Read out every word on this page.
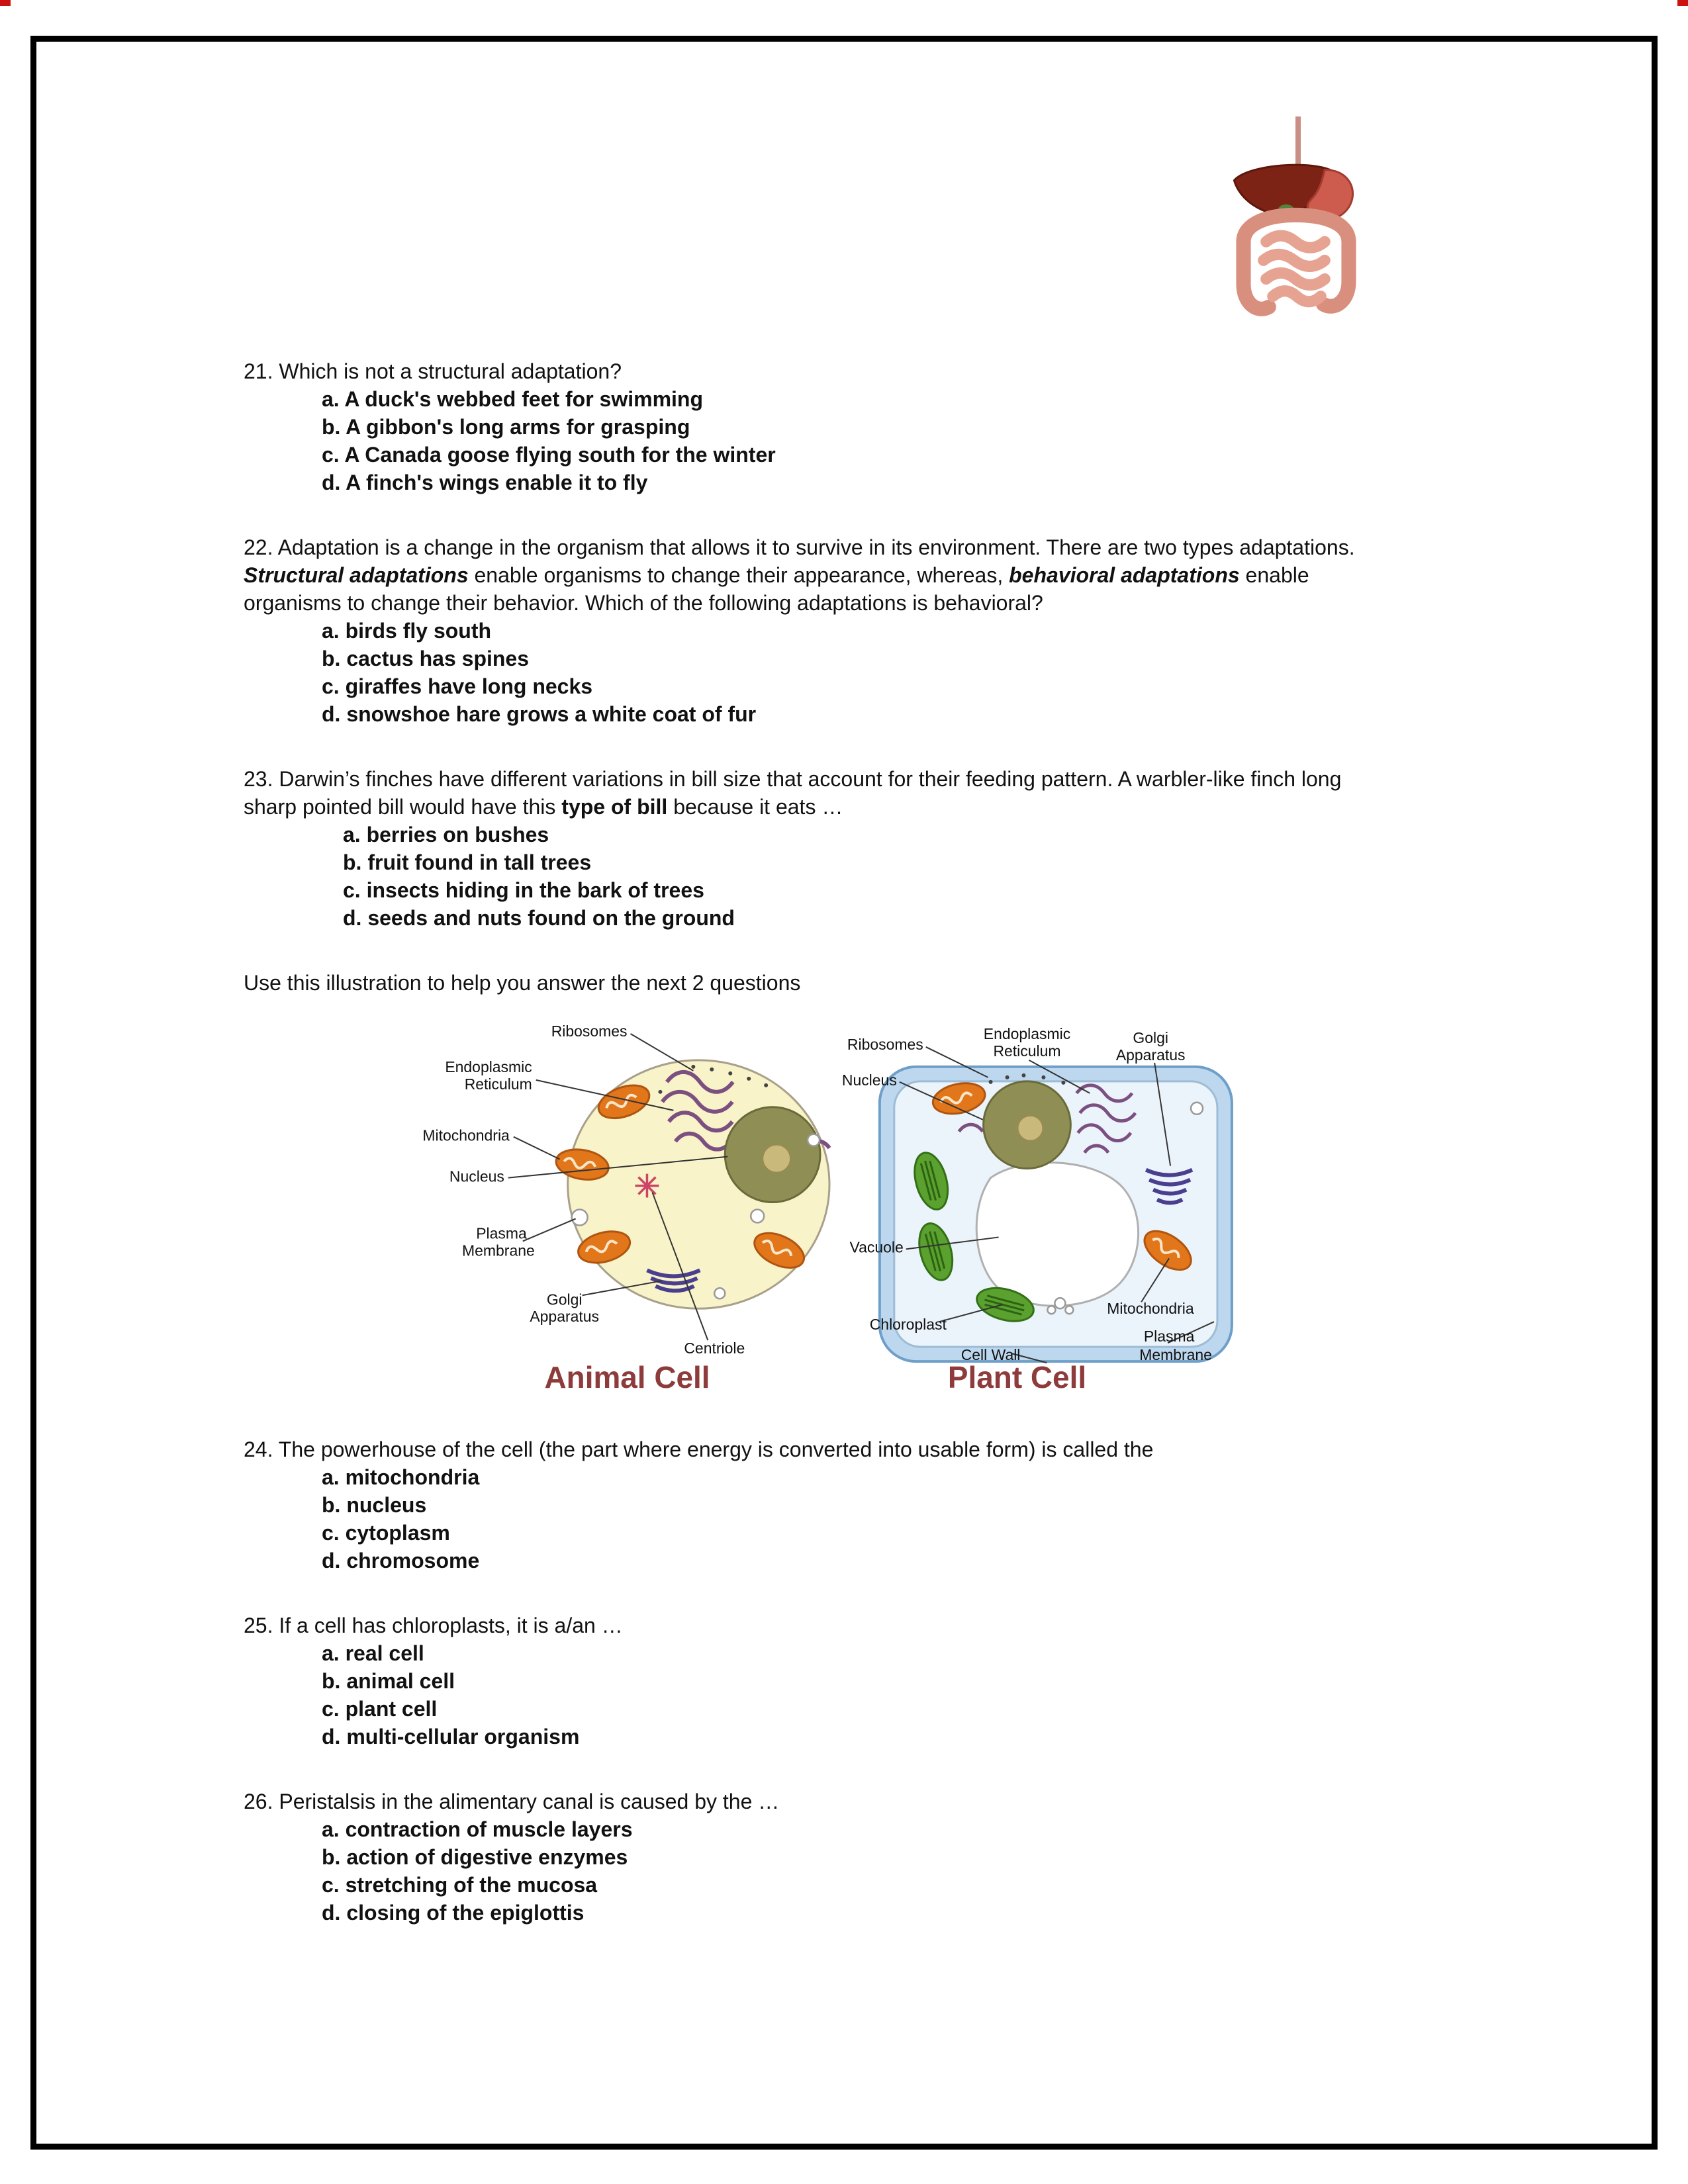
21. Which is not a structural adaptation?

a. A duck's webbed feet for swimming
b. A gibbon's long arms for grasping
c. A Canada goose flying south for the winter
d. A finch's wings enable it to fly

22. Adaptation is a change in the organism that allows it to survive in its environment. There are two types adaptations. Structural adaptations enable organisms to change their appearance, whereas, behavioral adaptations enable organisms to change their behavior. Which of the following adaptations is behavioral?

a. birds fly south
b. cactus has spines
c. giraffes have long necks
d. snowshoe hare grows a white coat of fur

23. Darwin’s finches have different variations in bill size that account for their feeding pattern. A warbler-like finch long sharp pointed bill would have this type of bill because it eats …

a. berries on bushes
b. fruit found in tall trees
c. insects hiding in the bark of trees
d. seeds and nuts found on the ground

Use this illustration to help you answer the next 2 questions

Ribosomes
Endoplasmic
Reticulum
Mitochondria
Nucleus
Plasma
Membrane
Golgi
Apparatus
Centriole
Animal Cell
Ribosomes
Endoplasmic
Reticulum
Golgi
Apparatus
Nucleus
Vacuole
Chloroplast
Mitochondria
Plasma
Membrane
Cell Wall
Plant Cell

24. The powerhouse of the cell (the part where energy is converted into usable form) is called the

a. mitochondria
b. nucleus
c. cytoplasm
d. chromosome

25. If a cell has chloroplasts, it is a/an …

a. real cell
b. animal cell
c. plant cell
d. multi-cellular organism

26. Peristalsis in the alimentary canal is caused by the …

a. contraction of muscle layers
b. action of digestive enzymes
c. stretching of the mucosa
d. closing of the epiglottis
